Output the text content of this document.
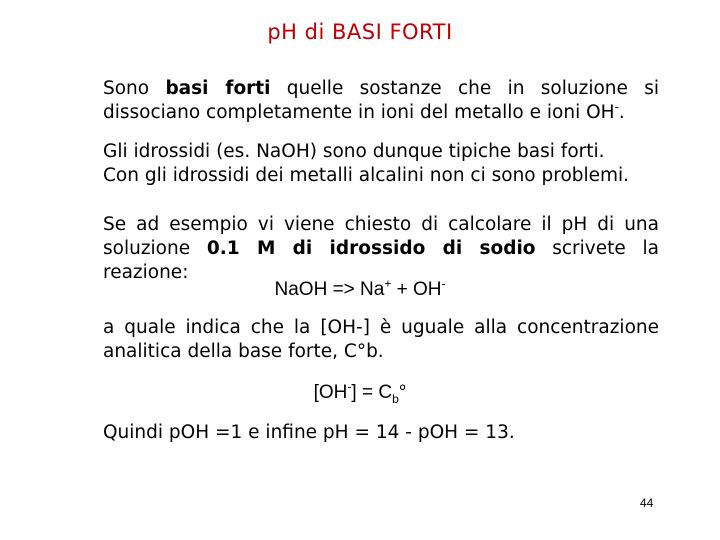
pH di BASI FORTI

Sono basi forti quelle sostanze che in soluzione si
dissociano completamente in ioni del metallo e ioni OH-.

Gli idrossidi (es. NaOH) sono dunque tipiche basi forti.
Con gli idrossidi dei metalli alcalini non ci sono problemi.

Se ad esempio vi viene chiesto di calcolare il pH di una
soluzione 0.1 M di idrossido di sodio scrivete la reazione:

NaOH => Na+ + OH-

a quale indica che la [OH-] è uguale alla concentrazione
analitica della base forte, C°b.

$[OH^-] = C_b^\circ$

Quindi pOH =1 e infine pH = 14 - pOH = 13.

44
